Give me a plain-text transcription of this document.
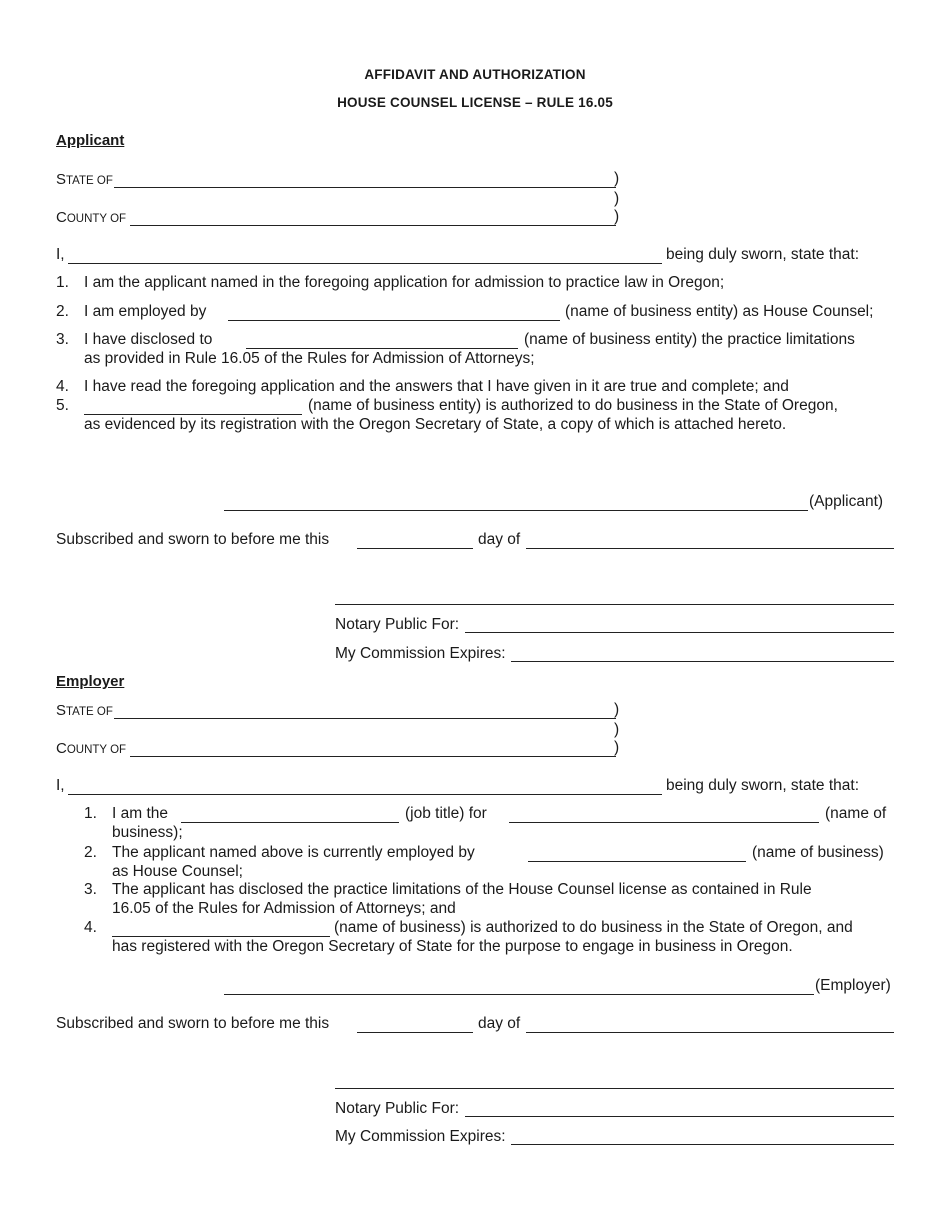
AFFIDAVIT AND AUTHORIZATION
HOUSE COUNSEL LICENSE – RULE 16.05
Applicant
STATE OF	)
)
COUNTY OF	)
I,	being duly sworn, state that:
1. I am the applicant named in the foregoing application for admission to practice law in Oregon;
2. I am employed by	(name of business entity) as House Counsel;
3. I have disclosed to	(name of business entity) the practice limitations
as provided in Rule 16.05 of the Rules for Admission of Attorneys;
4. I have read the foregoing application and the answers that I have given in it are true and complete; and
5.	(name of business entity) is authorized to do business in the State of Oregon,
as evidenced by its registration with the Oregon Secretary of State, a copy of which is attached hereto.
(Applicant)
Subscribed and sworn to before me this	day of
Notary Public For:
My Commission Expires:
Employer
STATE OF	)
)
COUNTY OF	)
I,	being duly sworn, state that:
1. I am the	(job title) for	(name of
business);
2. The applicant named above is currently employed by	(name of business)
as House Counsel;
3. The applicant has disclosed the practice limitations of the House Counsel license as contained in Rule
16.05 of the Rules for Admission of Attorneys; and
4.	(name of business) is authorized to do business in the State of Oregon, and
has registered with the Oregon Secretary of State for the purpose to engage in business in Oregon.
(Employer)
Subscribed and sworn to before me this	day of
Notary Public For:
My Commission Expires:
